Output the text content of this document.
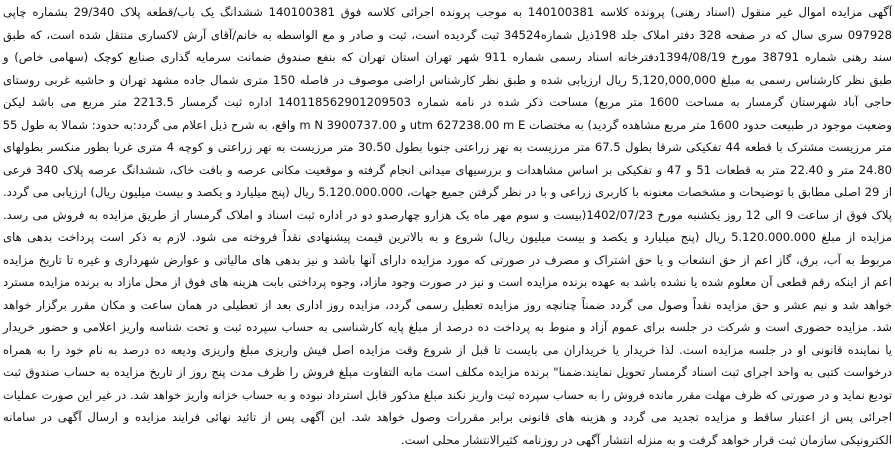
آگهی مزایده اموال غیر منقول (اسناد رهنی) پرونده کلاسه 140100381 به موجب پرونده اجرائی کلاسه فوق 140100381 ششدانگ یک باب/قطعه پلاک 29/340 بشماره چاپی
097928 سری سال که در صفحه 328 دفتر املاک جلد 198ذیل شماره34524 ثبت گردیده است، ثبت و صادر و مع الواسطه به خانم/آقای آرش لاکساری منتقل شده است، که طبق
سند رهنی شماره 38791 مورخ 1394/08/19دفترخانه اسناد رسمی شماره 911 شهر تهران استان تهران که بنفع صندوق ضمانت سرمایه گذاری صنایع کوچک (سهامی خاص) و
طبق نظر کارشناس رسمی به مبلغ 5,120,000,000 ریال ارزیابی شده و طبق نظر کارشناس اراضی موصوف در فاصله 150 متری شمال جاده مشهد تهران و حاشیه غربی روستای
حاجی آباد شهرستان گرمسار به مساحت 1600 متر مربع) مساحت ذکر شده در نامه شماره 140118562901209503 اداره ثبت گرمسار 2213.5 متر مربع می باشد لیکن
وضعیت موجود در طبیعت حدود 1600 متر مربع مشاهده گردید) به مختصات utm 627238.00 m E و m N 3900737.00 واقع، به شرح ذیل اعلام می گردد:به حدود: شمالا به طول 55
متر مرزیست مشترک با قطعه 44 تفکیکی شرقا بطول 67.5 متر مرزیست به نهر زراعتی جنوبا بطول 30.50 متر مرزیست به نهر زراعتی و کوچه 4 متری غربا بطور منکسر بطولهای
24.80 متر و 22.40 متر به قطعات 51 و 47 و تفکیکی بر اساس مشاهدات و بررسیهای میدانی انجام گرفته و موقعیت مکانی عرصه و بافت خاک، ششدانگ عرصه پلاک 340 فرعی
از 29 اصلی مطابق با توضیحات و مشخصات معنونه با کاربری زراعی و با در نظر گرفتن جمیع جهات، 5.120.000.000 ریال (پنج میلیارد و یکصد و بیست میلیون ریال) ارزیابی می گردد.
پلاک فوق از ساعت 9 الی 12 روز یکشنبه مورخ 1402/07/23(بیست و سوم مهر ماه یک هزارو چهارصدو دو در اداره ثبت اسناد و املاک گرمسار از طریق مزایده به فروش می رسد.
مزایده از مبلغ 5.120.000.000 ریال (پنج میلیارد و یکصد و بیست میلیون ریال) شروع و به بالاترین قیمت پیشنهادی نقداً فروخته می شود. لازم به ذکر است پرداخت بدهی های
مربوط به آب، برق، گاز اعم از حق انشعاب و یا حق اشتراک و مصرف در صورتی که مورد مزایده دارای آنها باشد و نیز بدهی های مالیاتی و عوارض شهرداری و غیره تا تاریخ مزایده
اعم از اینکه رقم قطعی آن معلوم شده یا نشده باشد به عهده برنده مزایده است و نیز در صورت وجود مازاد، وجوه پرداختی بابت هزینه های فوق از محل مازاد به برنده مزایده مسترد
خواهد شد و نیم عشر و حق مزایده نقداً وصول می گردد ضمناً چنانچه روز مزایده تعطیل رسمی گردد، مزایده روز اداری بعد از تعطیلی در همان ساعت و مکان مقرر برگزار خواهد
شد. مزایده حضوری است و شرکت در جلسه برای عموم آزاد و منوط به پرداخت ده درصد از مبلغ پایه کارشناسی به حساب سپرده ثبت و تحت شناسه واریز اعلامی و حضور خریدار
یا نماینده قانونی او در جلسه مزایده است. لذا خریدار یا خریداران می بایست تا قبل از شروع وقت مزایده اصل فیش واریزی مبلغ واریزی ودیعه ده درصد به نام خود را به همراه
درخواست کتبی به واحد اجرای ثبت اسناد گرمسار تحویل نمایند.ضمنا" برنده مزایده مکلف است مابه التفاوت مبلغ فروش را ظرف مدت پنج روز از تاریخ مزایده به حساب صندوق ثبت
تودیع نماید و در صورتی که ظرف مهلت مقرر مانده فروش را به حساب سپرده ثبت واریز نکند مبلغ مذکور قابل استرداد نبوده و به حساب خزانه واریز خواهد شد. در غیر این صورت عملیات
اجرائی پس از اعتبار ساقط و مزایده تجدید می گردد و هزینه های قانونی برابر مقررات وصول خواهد شد. این آگهی پس از تائید نهائی فرایند مزایده و ارسال آگهی در سامانه
الکترونیکی سازمان ثبت قرار خواهد گرفت و به منزله انتشار آگهی در روزنامه کثیرالانتشار محلی است.
